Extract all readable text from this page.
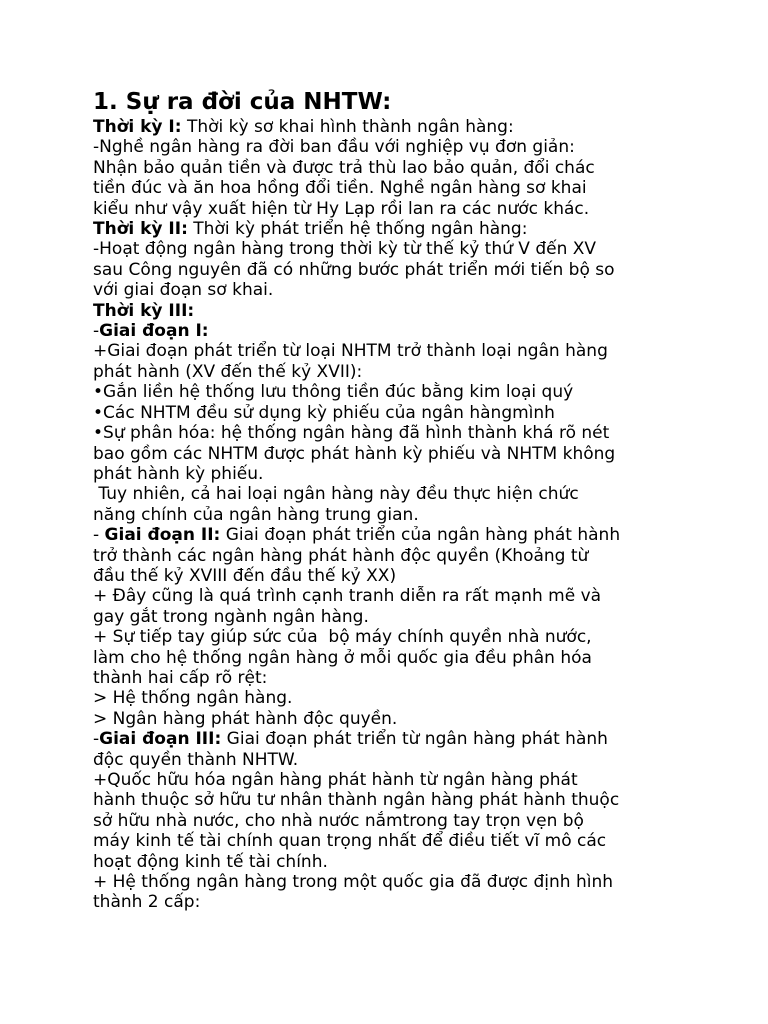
1. Sự ra đời của NHTW:
Thời kỳ I: Thời kỳ sơ khai hình thành ngân hàng:
-Nghề ngân hàng ra đời ban đầu với nghiệp vụ đơn giản:
Nhận bảo quản tiền và được trả thù lao bảo quản, đổi chác
tiền đúc và ăn hoa hồng đổi tiền. Nghề ngân hàng sơ khai
kiểu như vậy xuất hiện từ Hy Lạp rồi lan ra các nước khác.
Thời kỳ II: Thời kỳ phát triển hệ thống ngân hàng:
-Hoạt động ngân hàng trong thời kỳ từ thế kỷ thứ V đến XV
sau Công nguyên đã có những bước phát triển mới tiến bộ so
với giai đoạn sơ khai.
Thời kỳ III:
-Giai đoạn I:
+Giai đoạn phát triển từ loại NHTM trở thành loại ngân hàng
phát hành (XV đến thế kỷ XVII):
•Gắn liền hệ thống lưu thông tiền đúc bằng kim loại quý
•Các NHTM đều sử dụng kỳ phiếu của ngân hàngmình
•Sự phân hóa: hệ thống ngân hàng đã hình thành khá rõ nét
bao gồm các NHTM được phát hành kỳ phiếu và NHTM không
phát hành kỳ phiếu.
Tuy nhiên, cả hai loại ngân hàng này đều thực hiện chức
năng chính của ngân hàng trung gian.
- Giai đoạn II: Giai đoạn phát triển của ngân hàng phát hành
trở thành các ngân hàng phát hành độc quyền (Khoảng từ
đầu thế kỷ XVIII đến đầu thế kỷ XX)
+ Đây cũng là quá trình cạnh tranh diễn ra rất mạnh mẽ và
gay gắt trong ngành ngân hàng.
+ Sự tiếp tay giúp sức của  bộ máy chính quyền nhà nước,
làm cho hệ thống ngân hàng ở mỗi quốc gia đều phân hóa
thành hai cấp rõ rệt:
> Hệ thống ngân hàng.
> Ngân hàng phát hành độc quyền.
-Giai đoạn III: Giai đoạn phát triển từ ngân hàng phát hành
độc quyền thành NHTW.
+Quốc hữu hóa ngân hàng phát hành từ ngân hàng phát
hành thuộc sở hữu tư nhân thành ngân hàng phát hành thuộc
sở hữu nhà nước, cho nhà nước nắmtrong tay trọn vẹn bộ
máy kinh tế tài chính quan trọng nhất để điều tiết vĩ mô các
hoạt động kinh tế tài chính.
+ Hệ thống ngân hàng trong một quốc gia đã được định hình
thành 2 cấp:
